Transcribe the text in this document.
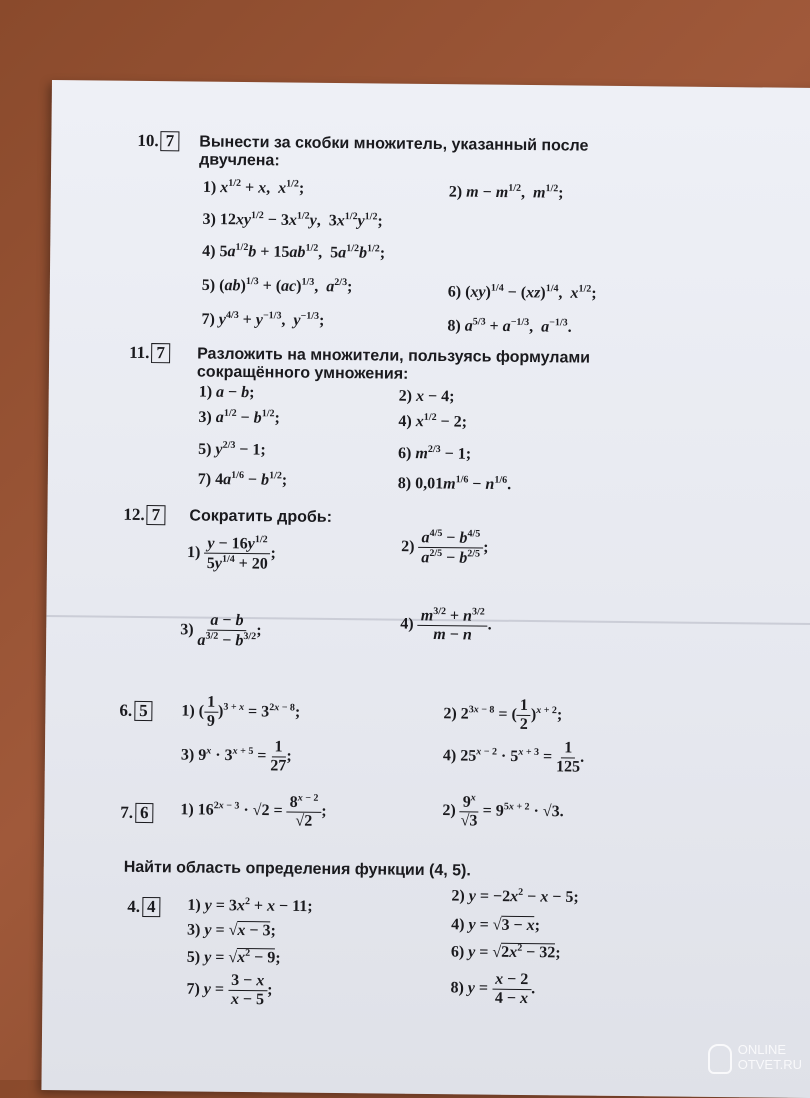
10. 7	Вынести за скобки множитель, указанный после
двучлена:
1) $x^{1/2} + x$,  $x^{1/2}$;	2) $m - m^{1/2}$,  $m^{1/2}$;
3) $12xy^{1/2} - 3x^{1/2}y$,  $3x^{1/2}y^{1/2}$;
4) $5a^{1/2}b + 15ab^{1/2}$,  $5a^{1/2}b^{1/2}$;
5) (ab)$^{1/3}$ + (ac)$^{1/3}$,  $a^{2/3}$;	6) (xy)$^{1/4}$ − (xz)$^{1/4}$,  $x^{1/2}$;
7) $y^{4/3} + y^{-1/3}$,  $y^{-1/3}$;	8) $a^{5/3} + a^{-1/3}$,  $a^{-1/3}$.
11. 7	Разложить на множители, пользуясь формулами
сокращённого умножения:
1) a − b;	2) x − 4;
3) $a^{1/2} - b^{1/2}$;	4) $x^{1/2} - 2$;
5) $y^{2/3} - 1$;	6) $m^{2/3} - 1$;
7) $4a^{1/6} - b^{1/2}$;	8) $0,01m^{1/6} - n^{1/6}$.
12. 7	Сократить дробь:
$1) \frac{y - 16y^{1/2}}{5y^{1/4} + 20}$ ;	$2) \frac{a^{4/5} - b^{4/5}}{a^{2/5} - b^{2/5}}$ ;
$3) \frac{a - b}{a^{3/2} - b^{3/2}}$ ;	$4) \frac{m^{3/2} + n^{3/2}}{m - n}$ .
6. 5	1) ( $\frac{1}{9} )^{3 + x} = 3^{2x - 8}$;	2) $2^{3x - 8}$ = ( $\frac{1}{2} )^{x + 2}$;
3) $9^x \cdot 3^{x + 5} = \frac{1}{27}$ ;	4) $25^{x - 2} \cdot 5^{x + 3} = \frac{1}{125}$ .
7. 6	1) $16^{2x - 3} \cdot √2 = \frac{8^{x - 2}}{√2}$ ;	$2) \frac{9^x}{√3} = 9^{5x + 2} \cdot √3$.
Найти область определения функции (4, 5).
4. 4	1) $y = 3x^2 + x - 11$;
2) $y = -2x^2 - x - 5$;
3) y = √x − 3;	4) y = √3 − x;
5) $y = √x^2 - 9$;	6) $y = √2x^2 - 32$;
7) $y = \frac{3 - x}{x - 5}$ ;	8) $y = \frac{x - 2}{4 - x}$ .
ONLINE
OTVET.RU
